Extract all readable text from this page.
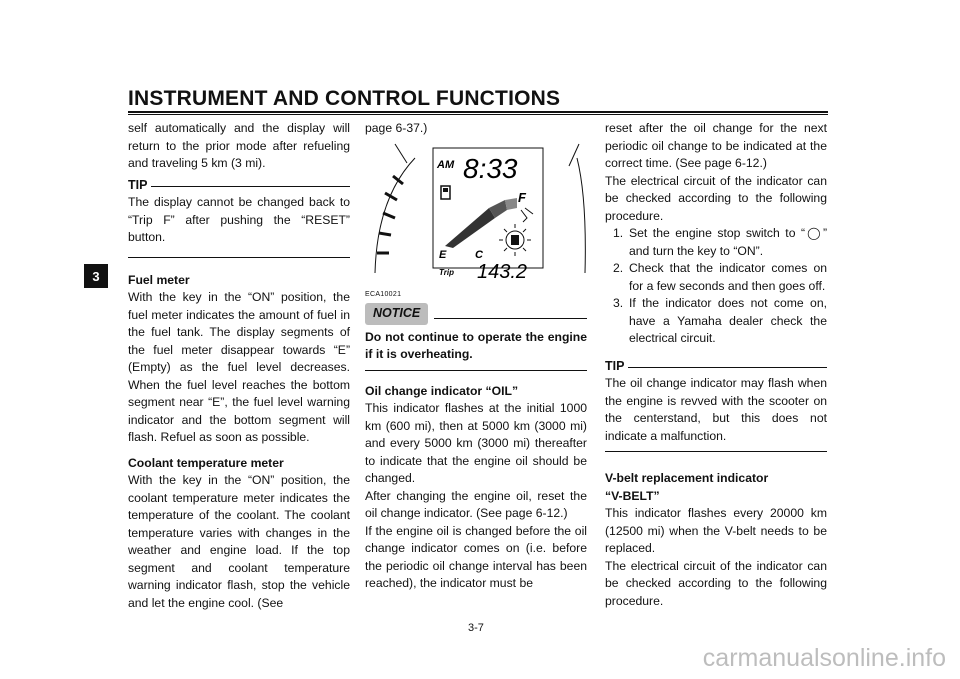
INSTRUMENT AND CONTROL FUNCTIONS
3

self automatically and the display will return to the prior mode after refueling and traveling 5 km (3 mi).

TIP

The display cannot be changed back to “Trip F” after pushing the “RESET” button.

Fuel meter

With the key in the “ON” position, the fuel meter indicates the amount of fuel in the fuel tank. The display segments of the fuel meter disappear towards “E” (Empty) as the fuel level decreases. When the fuel level reaches the bottom segment near “E”, the fuel level warning indicator and the bottom segment will flash. Refuel as soon as possible.

Coolant temperature meter

With the key in the “ON” position, the coolant temperature meter indicates the temperature of the coolant. The coolant temperature varies with changes in the weather and engine load. If the top segment and coolant temperature warning indicator flash, stop the vehicle and let the engine cool. (See

page 6-37.)

AM 8:33
F
E	C
Trip 143.2

ECA10021

NOTICE

Do not continue to operate the engine if it is overheating.

Oil change indicator “OIL”

This indicator flashes at the initial 1000 km (600 mi), then at 5000 km (3000 mi) and every 5000 km (3000 mi) thereafter to indicate that the engine oil should be changed.

After changing the engine oil, reset the oil change indicator. (See page 6-12.)

If the engine oil is changed before the oil change indicator comes on (i.e. before the periodic oil change interval has been reached), the indicator must be

reset after the oil change for the next periodic oil change to be indicated at the correct time. (See page 6-12.)

The electrical circuit of the indicator can be checked according to the following procedure.

1. Set the engine stop switch to “◯” and turn the key to “ON”.
2. Check that the indicator comes on for a few seconds and then goes off.
3. If the indicator does not come on, have a Yamaha dealer check the electrical circuit.
TIP

The oil change indicator may flash when the engine is revved with the scooter on the centerstand, but this does not indicate a malfunction.

V-belt replacement indicator

“V-BELT”

This indicator flashes every 20000 km (12500 mi) when the V-belt needs to be replaced.

The electrical circuit of the indicator can be checked according to the following procedure.

3-7
carmanualsonline.info
